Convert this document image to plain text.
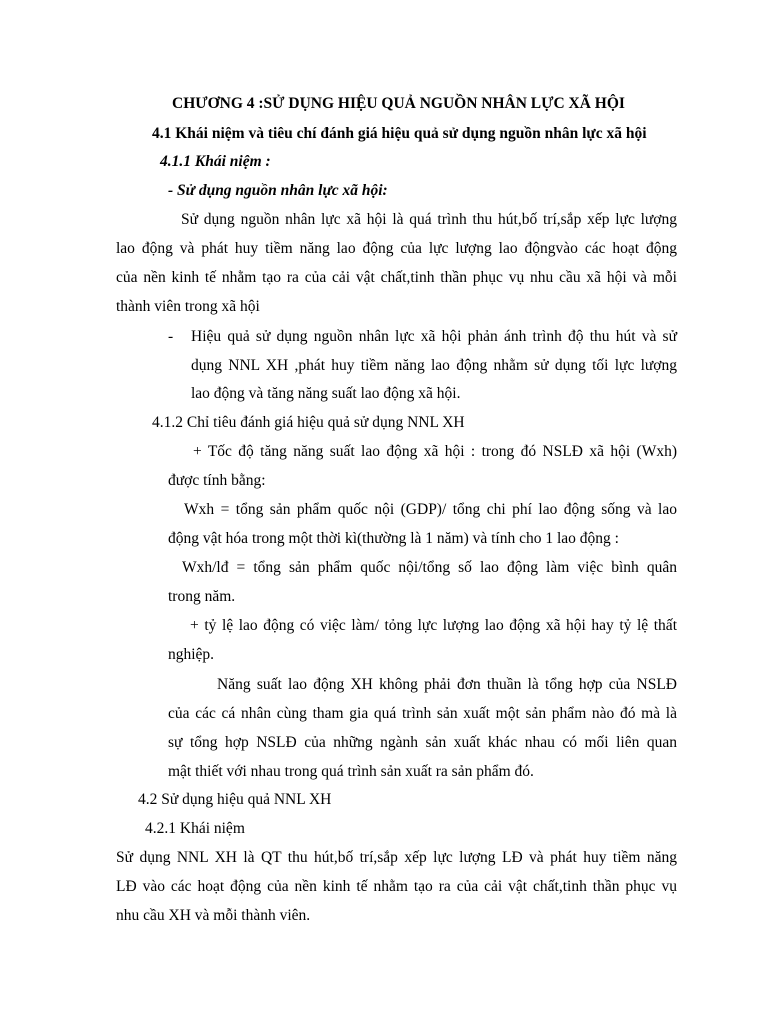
CHƯƠNG 4 :SỬ DỤNG HIỆU QUẢ NGUỒN NHÂN LỰC XÃ HỘI
4.1 Khái niệm và tiêu chí đánh giá hiệu quả sử dụng nguồn nhân lực xã hội
4.1.1 Khái niệm :
- Sử dụng nguồn nhân lực xã hội:
Sử dụng nguồn nhân lực xã hội là quá trình thu hút,bố trí,sắp xếp lực lượng
lao động và phát huy tiềm năng lao động của lực lượng lao độngvào các hoạt động
của nền kinh tế nhằm tạo ra của cải vật chất,tinh thần phục vụ nhu cầu xã hội và mỗi
thành viên trong xã hội
- Hiệu quả sử dụng nguồn nhân lực xã hội phản ánh trình độ thu hút và sử
dụng NNL XH ,phát huy tiềm năng lao động nhằm sử dụng tối lực lượng
lao động và tăng năng suất lao động xã hội.
4.1.2 Chỉ tiêu đánh giá hiệu quả sử dụng NNL XH
+ Tốc độ tăng năng suất lao động xã hội : trong đó NSLĐ xã hội (Wxh)
được tính bằng:
Wxh = tổng sản phẩm quốc nội (GDP)/ tổng chi phí lao động sống và lao
động vật hóa trong một thời kì(thường là 1 năm) và tính cho 1 lao động :
Wxh/lđ = tổng sản phẩm quốc nội/tổng số lao động làm việc bình quân
trong năm.
+ tỷ lệ lao động có việc làm/ tỏng lực lượng lao động xã hội hay tỷ lệ thất
nghiệp.
Năng suất lao động XH không phải đơn thuần là tổng hợp của NSLĐ
của các cá nhân cùng tham gia quá trình sản xuất một sản phẩm nào đó mà là
sự tổng hợp NSLĐ của những ngành sản xuất khác nhau có mối liên quan
mật thiết với nhau trong quá trình sản xuất ra sản phẩm đó.
4.2 Sử dụng hiệu quả NNL XH
4.2.1 Khái niệm
Sử dụng NNL XH là QT thu hút,bố trí,sắp xếp lực lượng LĐ và phát huy tiềm năng
LĐ vào các hoạt động của nền kinh tế nhằm tạo ra của cải vật chất,tinh thần phục vụ
nhu cầu XH và mỗi thành viên.
